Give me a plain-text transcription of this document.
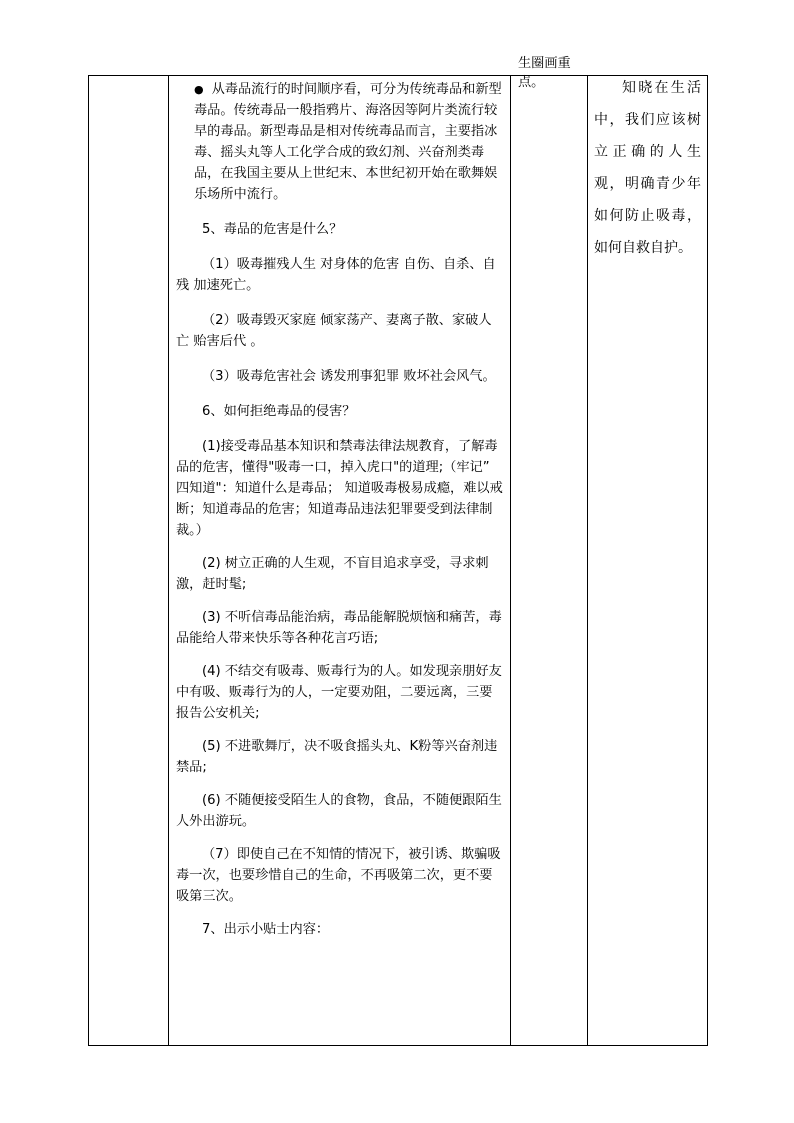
● 从毒品流行的时间顺序看，可分为传统毒品和新型毒品。传统毒品一般指鸦片、海洛因等阿片类流行较早的毒品。新型毒品是相对传统毒品而言，主要指冰毒、摇头丸等人工化学合成的致幻剂、兴奋剂类毒品，在我国主要从上世纪末、本世纪初开始在歌舞娱乐场所中流行。

5、毒品的危害是什么？

（1）吸毒摧残人生 对身体的危害 自伤、自杀、自残 加速死亡。

（2）吸毒毁灭家庭 倾家荡产、妻离子散、家破人亡 贻害后代 。

（3）吸毒危害社会 诱发刑事犯罪 败坏社会风气。

6、如何拒绝毒品的侵害？

(1)接受毒品基本知识和禁毒法律法规教育，了解毒品的危害，懂得"吸毒一口，掉入虎口"的道理;（牢记” 四知道"：知道什么是毒品； 知道吸毒极易成瘾，难以戒断；知道毒品的危害；知道毒品违法犯罪要受到法律制裁。）

(2) 树立正确的人生观，不盲目追求享受，寻求刺激，赶时髦;

(3) 不听信毒品能治病，毒品能解脱烦恼和痛苦，毒品能给人带来快乐等各种花言巧语;

(4) 不结交有吸毒、贩毒行为的人。如发现亲朋好友中有吸、贩毒行为的人，一定要劝阻，二要远离，三要报告公安机关;

(5) 不进歌舞厅，决不吸食摇头丸、K粉等兴奋剂违禁品;

(6) 不随便接受陌生人的食物，食品，不随便跟陌生人外出游玩。

（7）即使自己在不知情的情况下，被引诱、欺骗吸毒一次，也要珍惜自己的生命，不再吸第二次，更不要吸第三次。

7、出示小贴士内容：

生圈画重点。	知晓在生活中，我们应该树立正确的人生观，明确青少年如何防止吸毒，如何自救自护。
